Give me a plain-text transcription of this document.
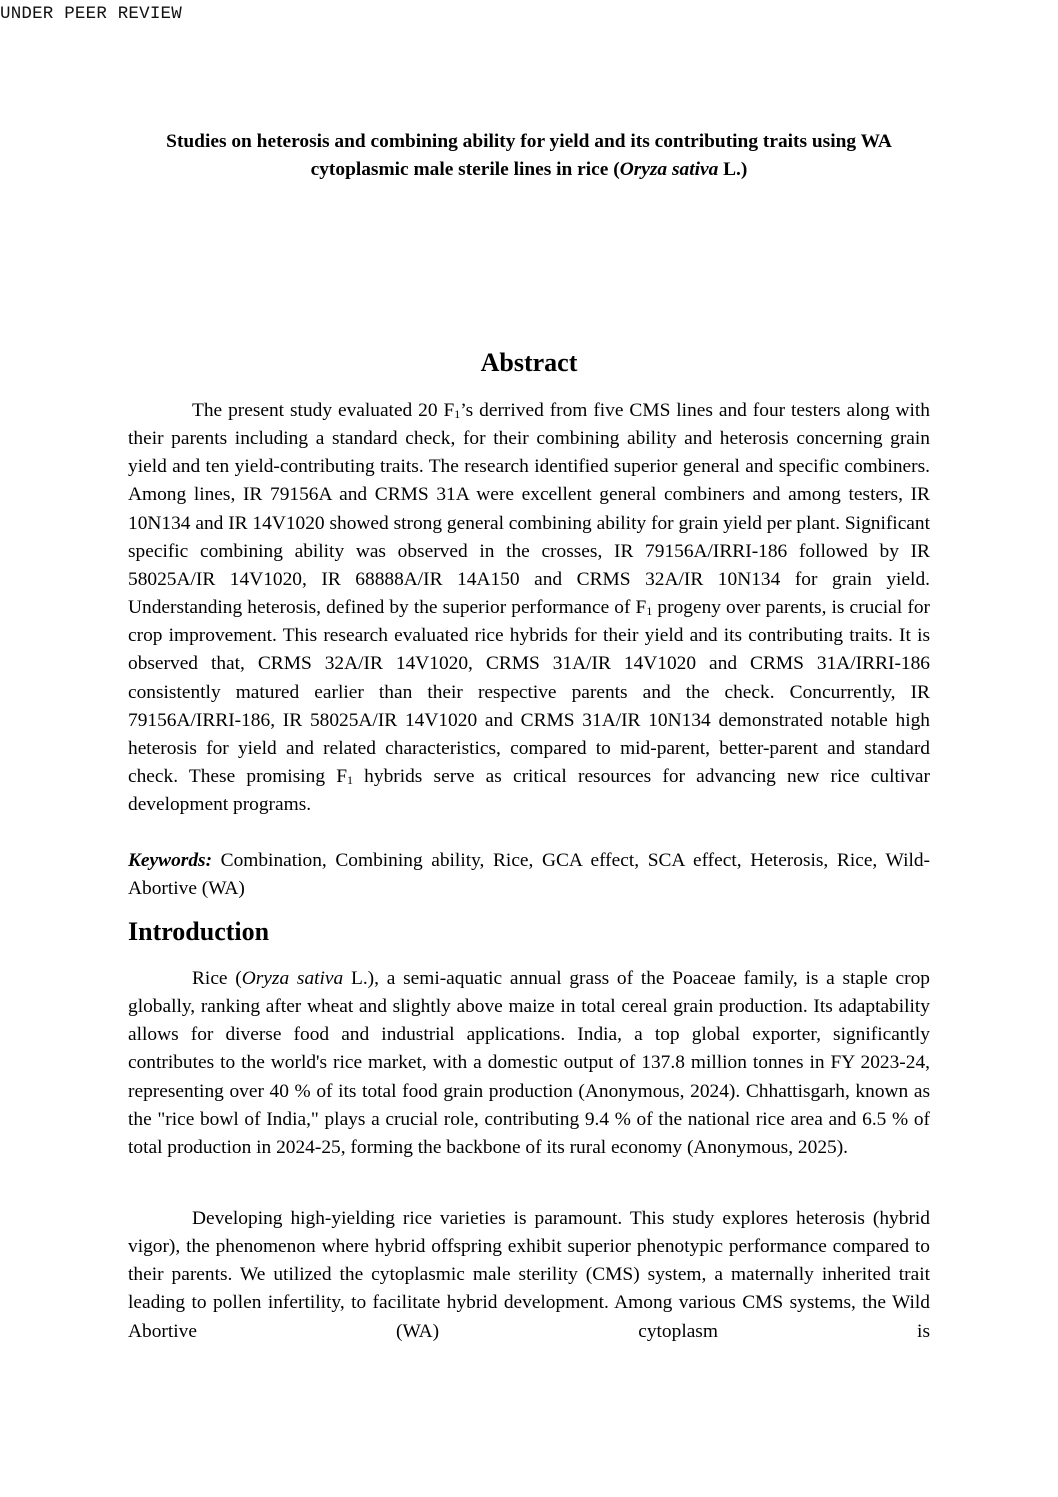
UNDER PEER REVIEW
Studies on heterosis and combining ability for yield and its contributing traits using WA cytoplasmic male sterile lines in rice (Oryza sativa L.)
Abstract
The present study evaluated 20 $F_1’s$ derrived from five CMS lines and four testers along with their parents including a standard check, for their combining ability and heterosis concerning grain yield and ten yield-contributing traits. The research identified superior general and specific combiners. Among lines, IR 79156A and CRMS 31A were excellent general combiners and among testers, IR 10N134 and IR 14V1020 showed strong general combining ability for grain yield per plant. Significant specific combining ability was observed in the crosses, IR 79156A/IRRI-186 followed by IR 58025A/IR 14V1020, IR 68888A/IR 14A150 and CRMS 32A/IR 10N134 for grain yield. Understanding heterosis, defined by the superior performance of $F_1$ progeny over parents, is crucial for crop improvement. This research evaluated rice hybrids for their yield and its contributing traits. It is observed that, CRMS 32A/IR 14V1020, CRMS 31A/IR 14V1020 and CRMS 31A/IRRI-186 consistently matured earlier than their respective parents and the check. Concurrently, IR 79156A/IRRI-186, IR 58025A/IR 14V1020 and CRMS 31A/IR 10N134 demonstrated notable high heterosis for yield and related characteristics, compared to mid-parent, better-parent and standard check. These promising $F_1$ hybrids serve as critical resources for advancing new rice cultivar development programs.
Keywords: Combination, Combining ability, Rice, GCA effect, SCA effect, Heterosis, Rice, Wild-Abortive (WA)
Introduction
Rice (Oryza sativa L.), a semi-aquatic annual grass of the Poaceae family, is a staple crop globally, ranking after wheat and slightly above maize in total cereal grain production. Its adaptability allows for diverse food and industrial applications. India, a top global exporter, significantly contributes to the world's rice market, with a domestic output of 137.8 million tonnes in FY 2023-24, representing over 40 % of its total food grain production (Anonymous, 2024). Chhattisgarh, known as the "rice bowl of India," plays a crucial role, contributing 9.4 % of the national rice area and 6.5 % of total production in 2024-25, forming the backbone of its rural economy (Anonymous, 2025).
Developing high-yielding rice varieties is paramount. This study explores heterosis (hybrid vigor), the phenomenon where hybrid offspring exhibit superior phenotypic performance compared to their parents. We utilized the cytoplasmic male sterility (CMS) system, a maternally inherited trait leading to pollen infertility, to facilitate hybrid development. Among various CMS systems, the Wild Abortive (WA) cytoplasm is
